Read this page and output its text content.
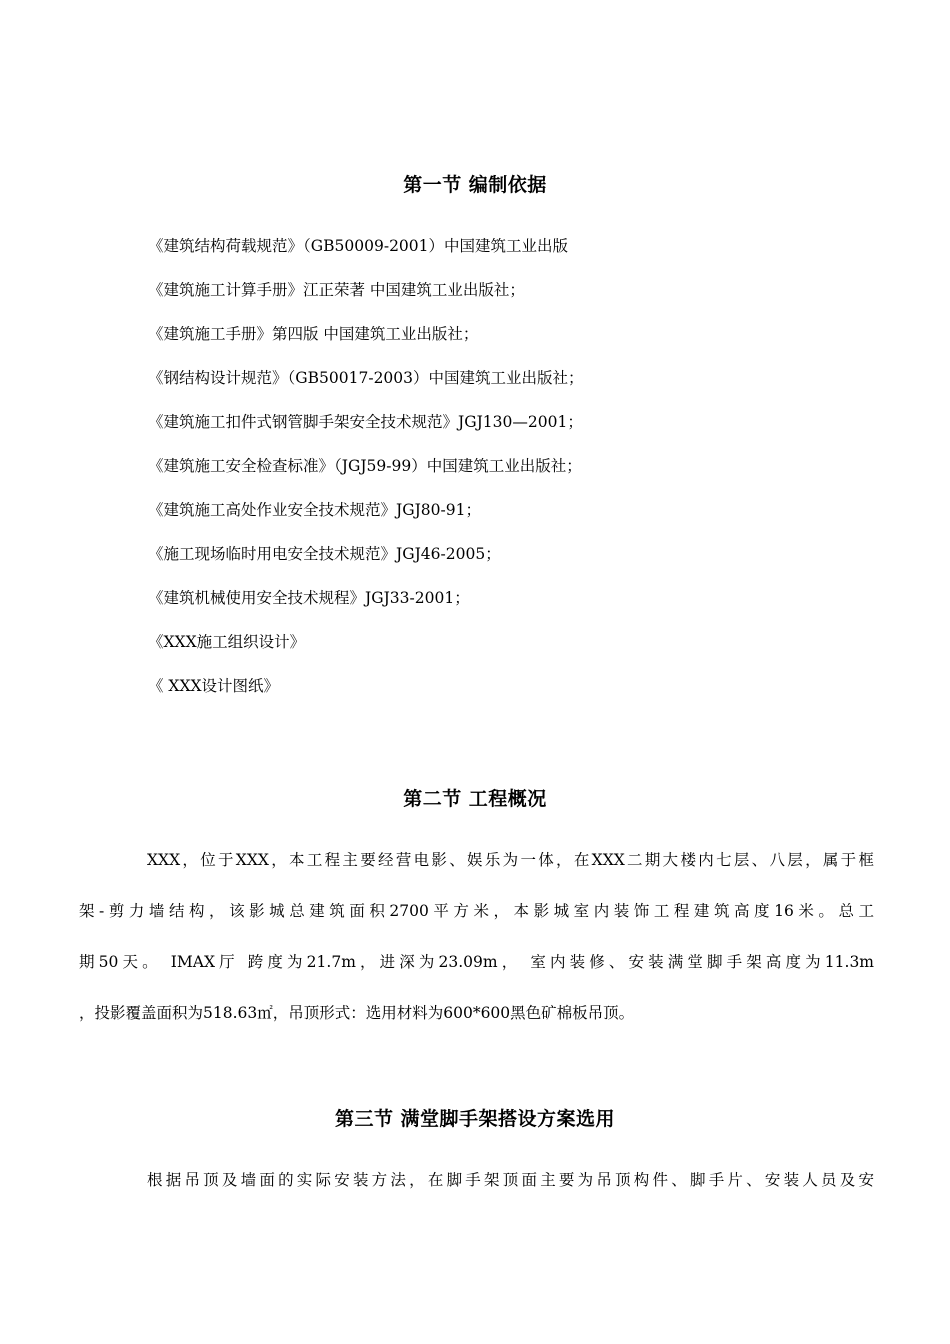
第一节 编制依据
《建筑结构荷载规范》（GB50009-2001）中国建筑工业出版
《建筑施工计算手册》江正荣著 中国建筑工业出版社；
《建筑施工手册》第四版 中国建筑工业出版社；
《钢结构设计规范》（GB50017-2003）中国建筑工业出版社；
《建筑施工扣件式钢管脚手架安全技术规范》JGJ130—2001；
《建筑施工安全检查标准》（JGJ59-99）中国建筑工业出版社；
《建筑施工高处作业安全技术规范》JGJ80-91；
《施工现场临时用电安全技术规范》JGJ46-2005；
《建筑机械使用安全技术规程》JGJ33-2001；
《XXX施工组织设计》
《 XXX设计图纸》
第二节 工程概况
XXX，位于XXX，本工程主要经营电影、娱乐为一体，在XXX二期大楼内七层、八层，属于框
架-剪力墙结构，该影城总建筑面积2700平方米，本影城室内装饰工程建筑高度16米。总工
期50天。 IMAX厅 跨度为21.7m，进深为23.09m， 室内装修、安装满堂脚手架高度为11.3m
，投影覆盖面积为518.63㎡，吊顶形式：选用材料为600*600黑色矿棉板吊顶。
第三节 满堂脚手架搭设方案选用
根据吊顶及墙面的实际安装方法，在脚手架顶面主要为吊顶构件、脚手片、安装人员及安
